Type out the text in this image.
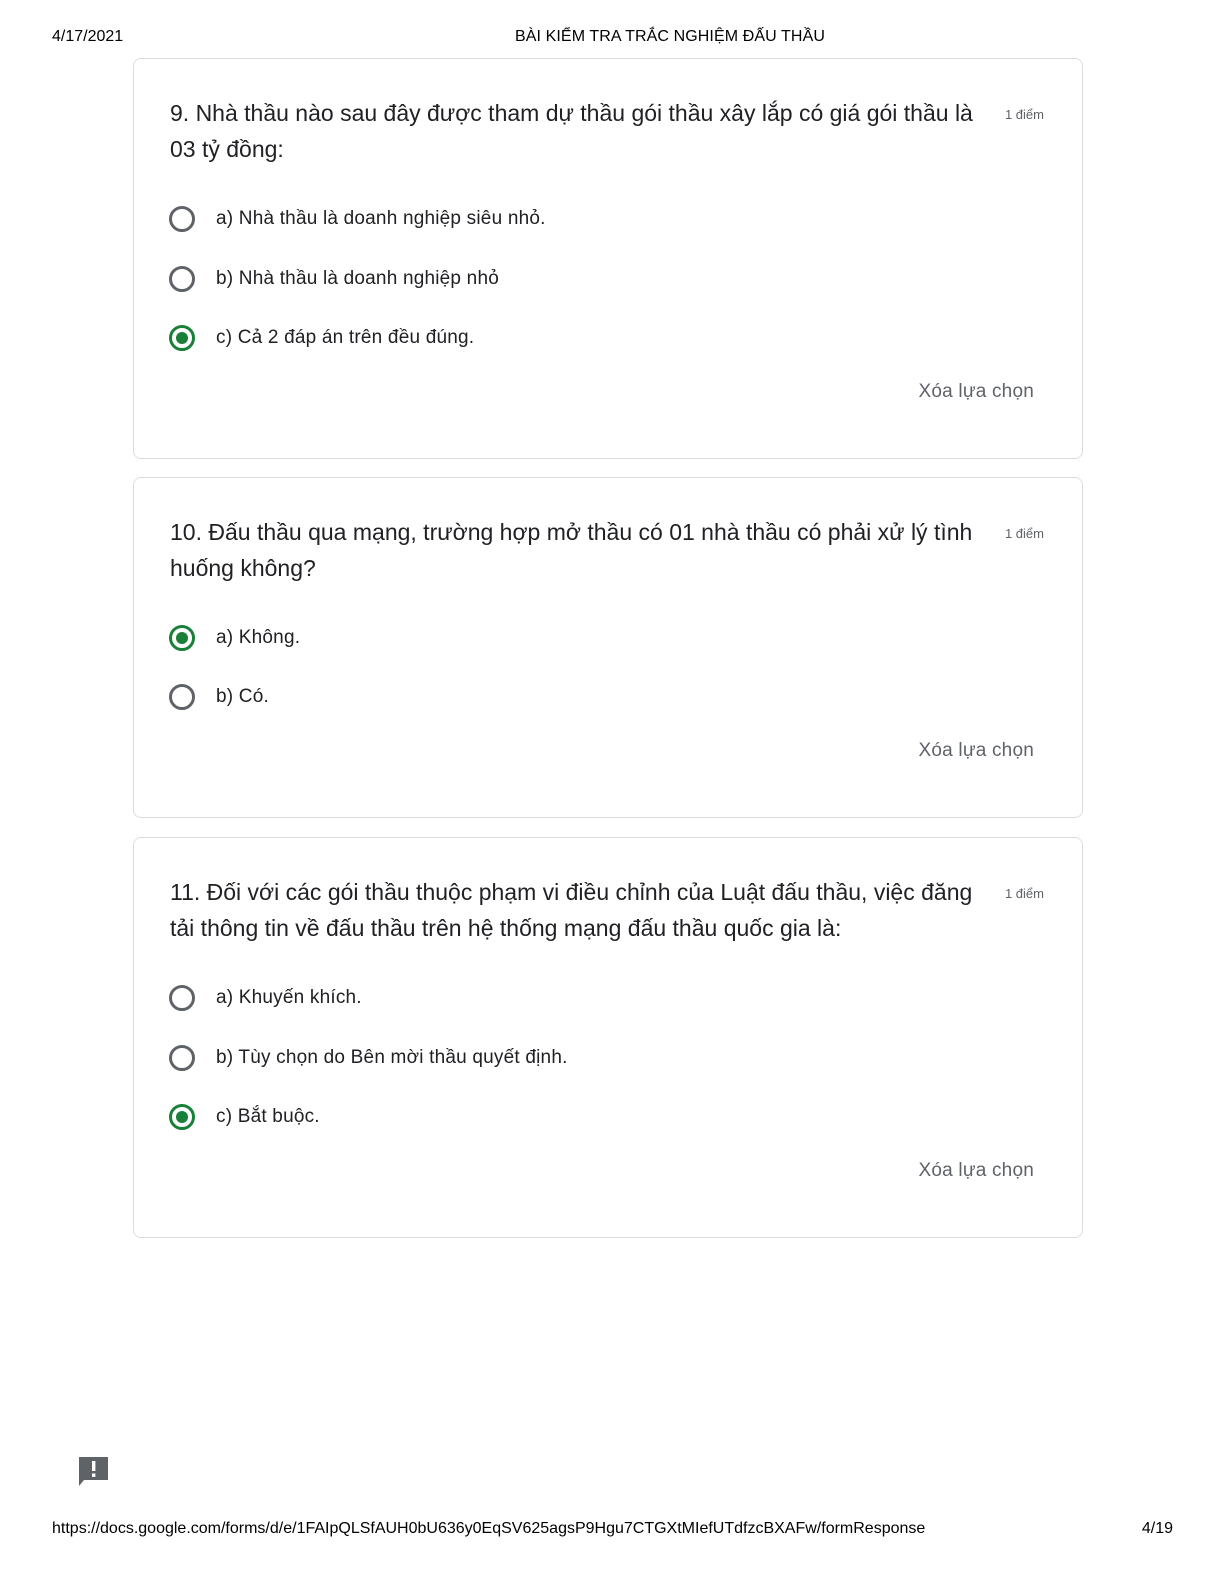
4/17/2021	BÀI KIỂM TRA TRẮC NGHIỆM ĐẤU THẦU
9. Nhà thầu nào sau đây được tham dự thầu gói thầu xây lắp có giá gói thầu là 03 tỷ đồng:
1 điểm
a) Nhà thầu là doanh nghiệp siêu nhỏ.
b) Nhà thầu là doanh nghiệp nhỏ
c) Cả 2 đáp án trên đều đúng.
Xóa lựa chọn
10. Đấu thầu qua mạng, trường hợp mở thầu có 01 nhà thầu có phải xử lý tình huống không?
1 điểm
a) Không.
b) Có.
Xóa lựa chọn
11. Đối với các gói thầu thuộc phạm vi điều chỉnh của Luật đấu thầu, việc đăng tải thông tin về đấu thầu trên hệ thống mạng đấu thầu quốc gia là:
1 điểm
a) Khuyến khích.
b) Tùy chọn do Bên mời thầu quyết định.
c) Bắt buộc.
Xóa lựa chọn
https://docs.google.com/forms/d/e/1FAIpQLSfAUH0bU636y0EqSV625agsP9Hgu7CTGXtMIefUTdfzcBXAFw/formResponse	4/19
